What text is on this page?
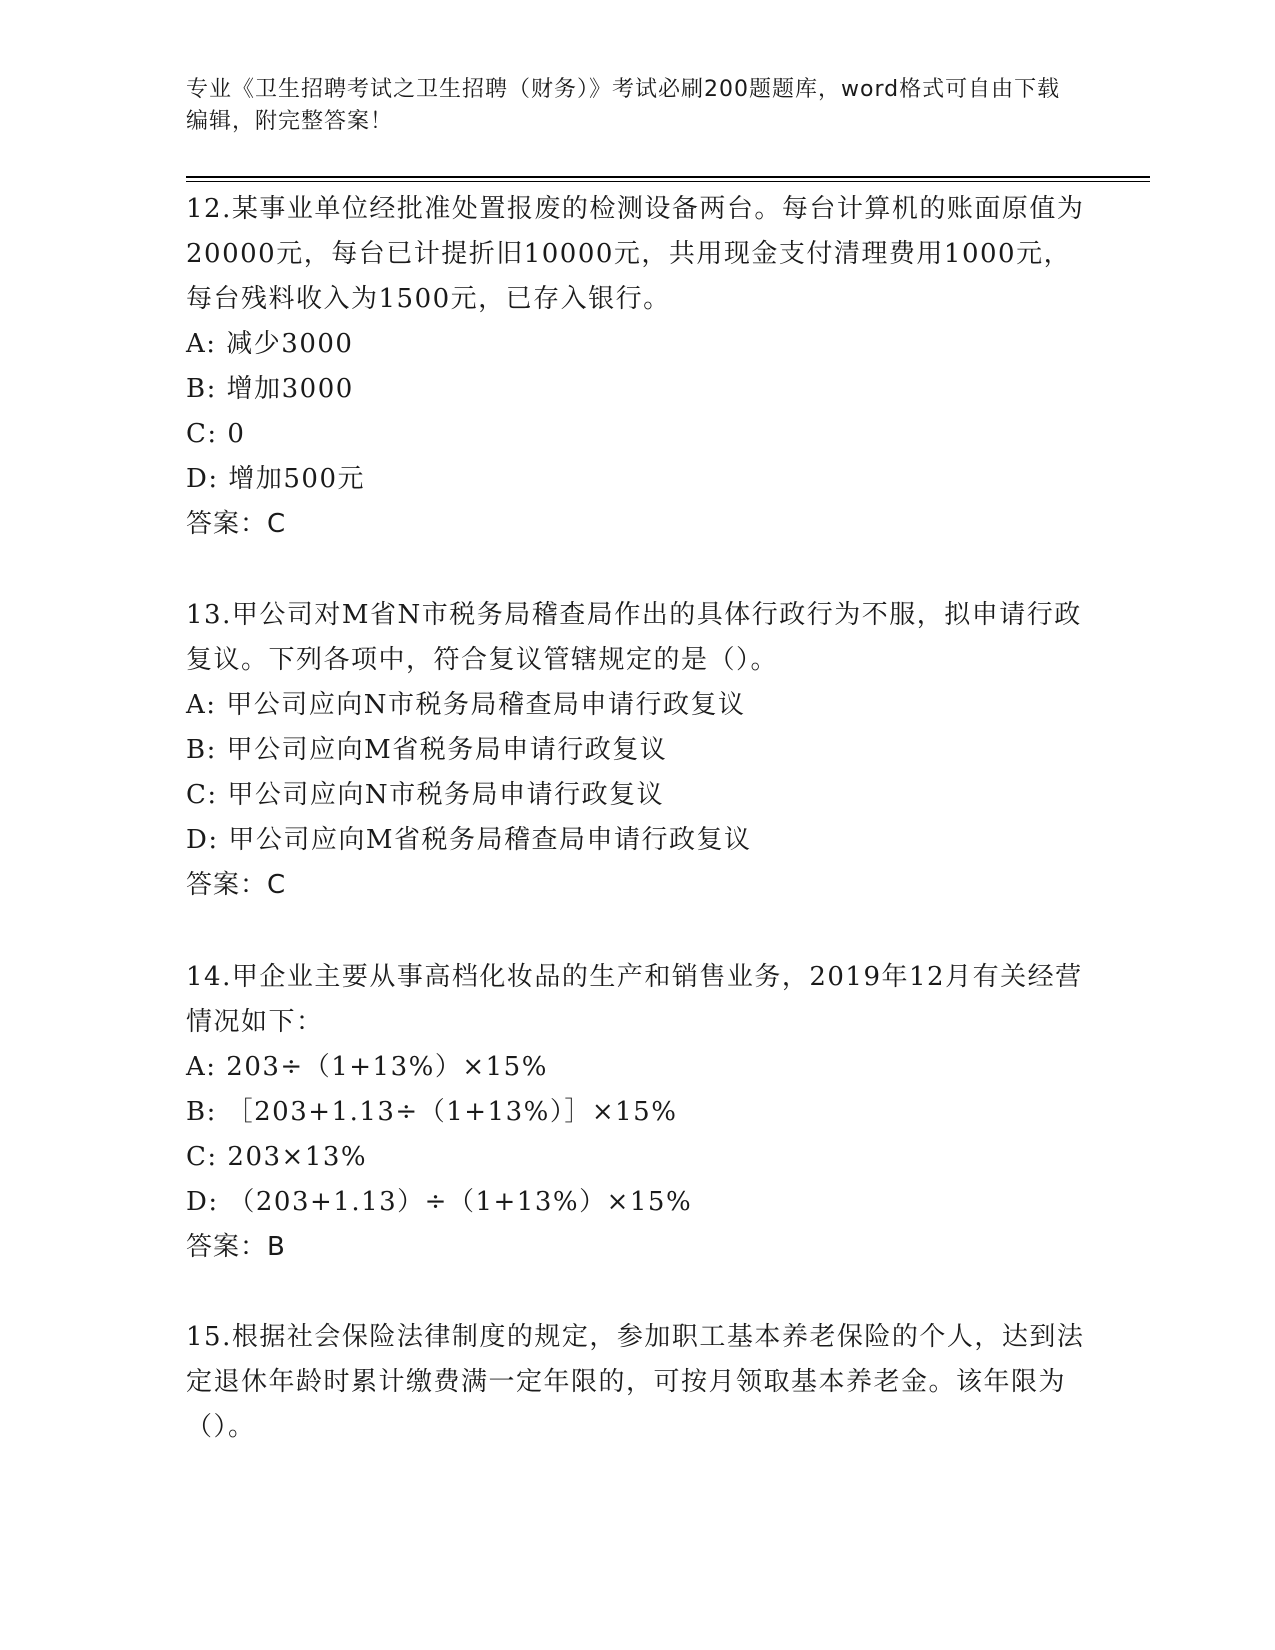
专业《卫生招聘考试之卫生招聘（财务）》考试必刷200题题库，word格式可自由下载编辑，附完整答案！

12.某事业单位经批准处置报废的检测设备两台。每台计算机的账面原值为20000元，每台已计提折旧10000元，共用现金支付清理费用1000元，每台残料收入为1500元，已存入银行。

A: 减少3000

B: 增加3000

C: 0

D: 增加500元

答案：C

13.甲公司对M省N市税务局稽查局作出的具体行政行为不服，拟申请行政复议。下列各项中，符合复议管辖规定的是（）。

A: 甲公司应向N市税务局稽查局申请行政复议

B: 甲公司应向M省税务局申请行政复议

C: 甲公司应向N市税务局申请行政复议

D: 甲公司应向M省税务局稽查局申请行政复议

答案：C

14.甲企业主要从事高档化妆品的生产和销售业务，2019年12月有关经营情况如下：

A: 203÷（1+13%）×15%

B: ［203+1.13÷（1+13%）］×15%

C: 203×13%

D: （203+1.13）÷（1+13%）×15%

答案：B

15.根据社会保险法律制度的规定，参加职工基本养老保险的个人，达到法定退休年龄时累计缴费满一定年限的，可按月领取基本养老金。该年限为（）。
